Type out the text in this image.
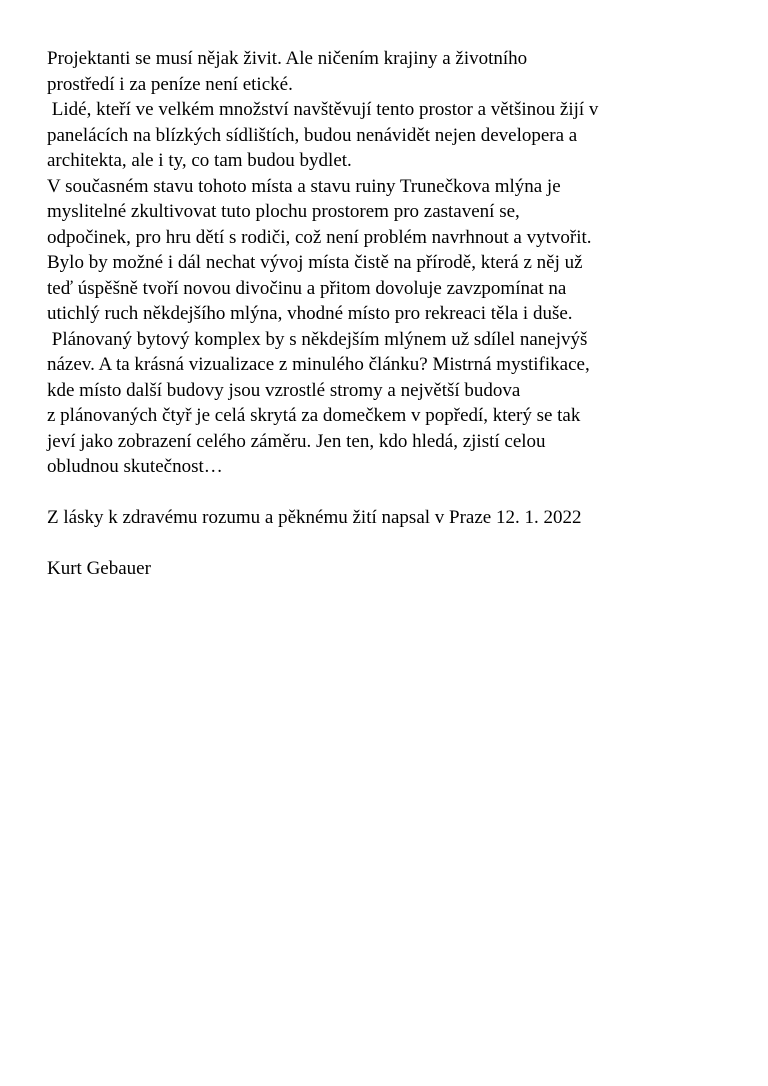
Projektanti se musí nějak živit. Ale ničením krajiny a životního
prostředí i za peníze není etické.
Lidé, kteří ve velkém množství navštěvují tento prostor a většinou žijí v
panelácích na blízkých sídlištích, budou nenávidět nejen developera a
architekta, ale i ty, co tam budou bydlet.
V současném stavu tohoto místa a stavu ruiny Trunečkova mlýna je
myslitelné zkultivovat tuto plochu prostorem pro zastavení se,
odpočinek, pro hru dětí s rodiči, což není problém navrhnout a vytvořit.
Bylo by možné i dál nechat vývoj místa čistě na přírodě, která z něj už
teď úspěšně tvoří novou divočinu a přitom dovoluje zavzpomínat na
utichlý ruch někdejšího mlýna, vhodné místo pro rekreaci těla i duše.
Plánovaný bytový komplex by s někdejším mlýnem už sdílel nanejvýš
název. A ta krásná vizualizace z minulého článku? Mistrná mystifikace,
kde místo další budovy jsou vzrostlé stromy a největší budova
z plánovaných čtyř je celá skrytá za domečkem v popředí, který se tak
jeví jako zobrazení celého záměru. Jen ten, kdo hledá, zjistí celou
obludnou skutečnost…
Z lásky k zdravému rozumu a pěknému žití napsal v Praze 12. 1. 2022
Kurt Gebauer
